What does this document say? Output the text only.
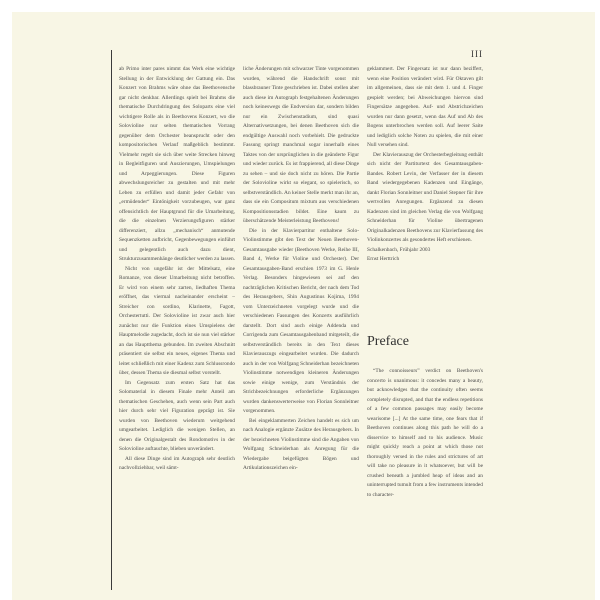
III

ab Primo inter pares nimmt das Werk eine wichtige Stellung in der Entwicklung der Gattung ein. Das Konzert von Brahms wäre ohne das Beethovensche gar nicht denkbar. Allerdings spielt bei Brahms die thematische Durchdringung des Soloparts eine viel wichtigere Rolle als in Beethovens Konzert, wo die Solovioline nur selten thematischen Vorrang gegenüber dem Orchester beansprucht oder den kompositorischen Verlauf maßgeblich bestimmt. Vielmehr regelt sie sich über weite Strecken hinweg in Begleitfiguren und Auszierungen, Umspielungen und Arpeggierungen. Diese Figuren abwechslungsreicher zu gestalten und mit mehr Leben zu erfüllen und damit jeder Gefahr von „ermüdender“ Eintönigkeit vorzubeugen, war ganz offensichtlich der Hauptgrund für die Umarbeitung, die die einzelnen Verzierungsfiguren stärker differenziert, allzu „mechanisch“ anmutende Sequenzketten aufbricht, Gegenbewegungen einführt und gelegentlich auch dazu dient, Strukturzusammenhänge deutlicher werden zu lassen.

Nicht von ungefähr ist der Mittelsatz, eine Romanze, von dieser Umarbeitung nicht betroffen. Er wird von einem sehr zarten, liedhaften Thema eröffnet, das viermal nacheinander erscheint – Streicher con sordino, Klarinette, Fagott, Orchestertutti. Der Solovioline ist zwar auch hier zunächst nur die Funktion eines Umspielens der Hauptmelodie zugedacht, doch ist sie nun viel stärker an das Hauptthema gebunden. Im zweiten Abschnitt präsentiert sie selbst ein neues, eigenes Thema und leitet schließlich mit einer Kadenz zum Schlussrondo über, dessen Thema sie diesmal selbst vorstellt.

Im Gegensatz zum ersten Satz hat das Solomaterial in diesem Finale mehr Anteil am thematischen Geschehen, auch wenn sein Part auch hier durch sehr viel Figuration geprägt ist. Sie wurden von Beethoven wiederum weitgehend umgearbeitet. Lediglich die wenigen Stellen, an denen die Originalgestalt des Rondomotivs in der Solovioline auftauchte, blieben unverändert.

All diese Dinge sind im Autograph sehr deutlich nachvollziehbar, weil sämt-

liche Änderungen mit schwarzer Tinte vorgenommen wurden, während die Handschrift sonst mit blassbrauner Tinte geschrieben ist. Dabei stellen aber auch diese im Autograph festgehaltenen Änderungen noch keineswegs die Endversion dar, sondern bilden nur ein Zwischenstadium, sind quasi Alternativsetzungen, bei denen Beethoven sich die endgültige Auswahl noch vorbehielt. Die gedruckte Fassung springt manchmal sogar innerhalb eines Taktes von der ursprünglichen in die geänderte Figur und wieder zurück. Es ist frappierend, all diese Dinge zu sehen – und sie doch nicht zu hören. Die Partie der Solovioline wirkt so elegant, so spielerisch, so selbstverständlich. An keiner Stelle merkt man ihr an, dass sie ein Compositum mixtum aus verschiedenen Kompositionsstadien bildet. Eine kaum zu überschätzende Meisterleistung Beethovens!

Die in der Klavierpartitur enthaltene Solo-Violinstimme gibt den Text der Neuen Beethoven-Gesamtausgabe wieder (Beethoven Werke, Reihe III, Band 4, Werke für Violine und Orchester). Der Gesamtausgaben-Band erschien 1973 im G. Henle Verlag. Besonders hingewiesen sei auf den nachträglichen Kritischen Bericht, der nach dem Tod des Herausgebers, Shin Augustinus Kojima, 1994 vom Unterzeichneten vorgelegt wurde und die verschiedenen Fassungen des Konzerts ausführlich darstellt. Dort sind auch einige Addenda und Corrigenda zum Gesamtausgabenband mitgeteilt, die selbstverständlich bereits in den Text dieses Klavierauszugs eingearbeitet wurden. Die dadurch auch in der von Wolfgang Schneiderhan bezeichneten Violinstimme notwendigen kleineren Änderungen sowie einige wenige, zum Verständnis der Strichbezeichnungen erforderliche Ergänzungen wurden dankenswerterweise von Florian Sonnleitner vorgenommen.

Bei eingeklammerten Zeichen handelt es sich um nach Analogie ergänzte Zusätze des Herausgebers. In der bezeichneten Violinstimme sind die Angaben von Wolfgang Schneiderhan als Anregung für die Wiedergabe beigefügten Bögen und Artikulationszeichen ein-

geklammert. Der Fingersatz ist nur dann beziffert, wenn eine Position verändert wird. Für Oktaven gilt im allgemeinen, dass sie mit dem 1. und 4. Finger gespielt werden; bei Abweichungen hiervon sind Fingersätze angegeben. Auf- und Abstrichzeichen wurden nur dann gesetzt, wenn das Auf und Ab des Bogens unterbrochen werden soll. Auf leerer Saite und lediglich solche Noten zu spielen, die mit einer Null versehen sind.

Der Klavierauszug der Orchesterbegleitung enthält sich nicht der Partiturtext des Gesamtausgaben-Bandes. Robert Levin, der Verfasser der in diesem Band wiedergegebenen Kadenzen und Eingänge, dankt Florian Sonnleitner und Daniel Stepner für ihre wertvollen Anregungen. Ergänzend zu diesen Kadenzen sind im gleichen Verlag die von Wolfgang Schneiderhan für Violine übertragenen Originalkadenzen Beethovens zur Klavierfassung des Violinkonzertes als gesondertes Heft erschienen.

Schalkenbach, Frühjahr 2003

Ernst Herttrich

Preface

“The connoisseurs” verdict on Beethoven's concerto is unanimous: it concedes many a beauty, but acknowledges that the continuity often seems completely disrupted, and that the endless repetitions of a few common passages may easily become wearisome [...] At the same time, one fears that if Beethoven continues along this path he will do a disservice to himself and to his audience. Music might quickly reach a point at which those not thoroughly versed in the rules and strictures of art will take no pleasure in it whatsoever, but will be crushed beneath a jumbled heap of ideas and an uninterrupted tumult from a few instruments intended to character-
